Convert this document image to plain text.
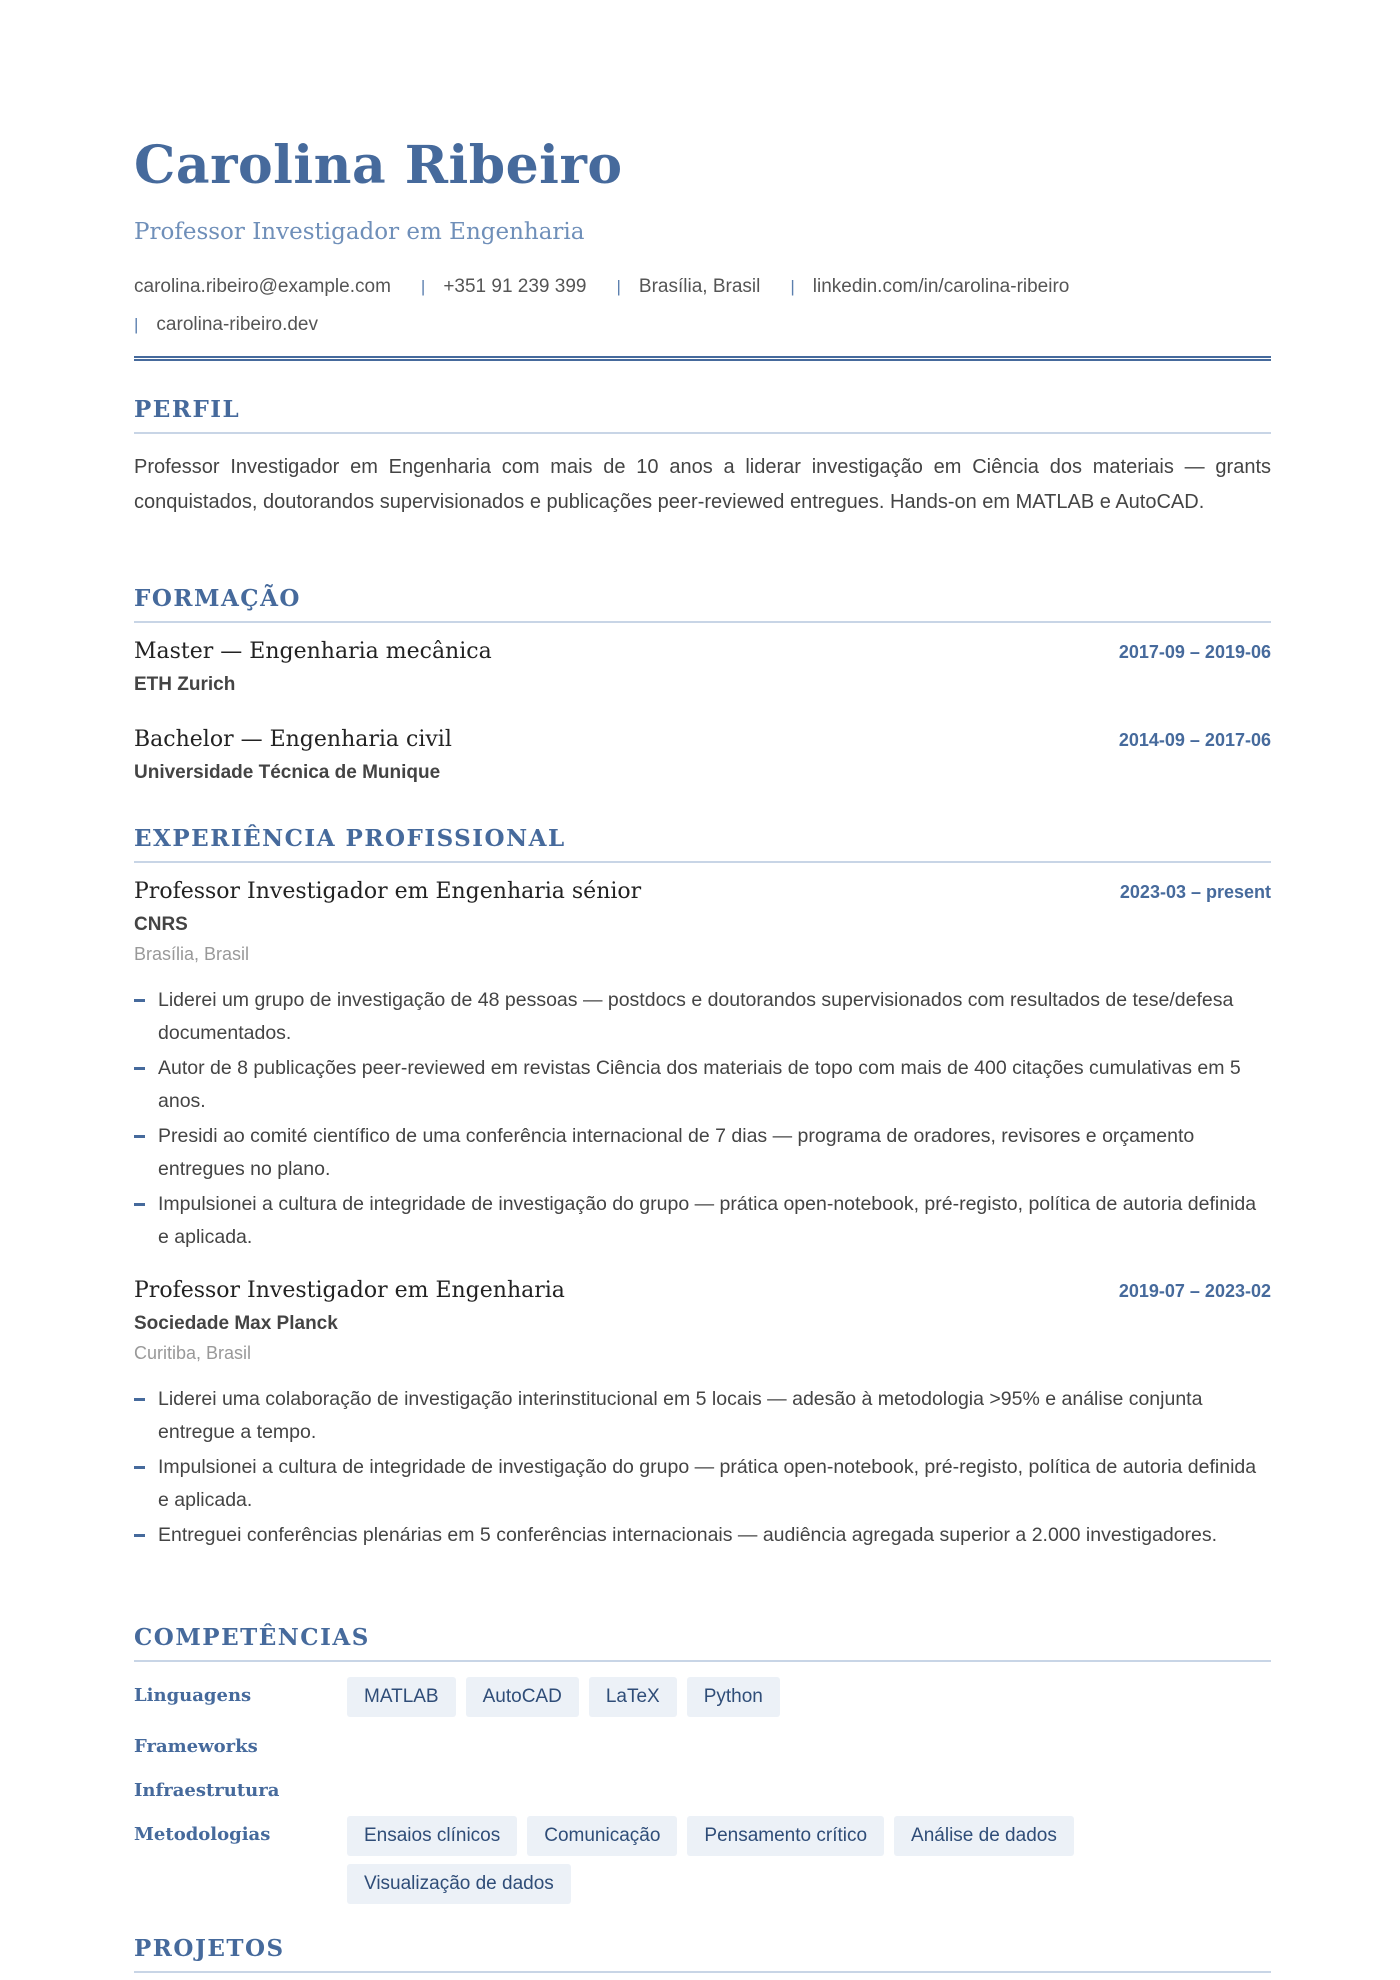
Carolina Ribeiro
Professor Investigador em Engenharia
carolina.ribeiro@example.com | +351 91 239 399 | Brasília, Brasil | linkedin.com/in/carolina-ribeiro
| carolina-ribeiro.dev
PERFIL
Professor Investigador em Engenharia com mais de 10 anos a liderar investigação em Ciência dos materiais — grants conquistados, doutorandos supervisionados e publicações peer-reviewed entregues. Hands-on em MATLAB e AutoCAD.
FORMAÇÃO
Master — Engenharia mecânica	2017-09 – 2019-06
ETH Zurich
Bachelor — Engenharia civil	2014-09 – 2017-06
Universidade Técnica de Munique
EXPERIÊNCIA PROFISSIONAL
Professor Investigador em Engenharia sénior	2023-03 – present
CNRS
Brasília, Brasil
Liderei um grupo de investigação de 48 pessoas — postdocs e doutorandos supervisionados com resultados de tese/defesa documentados.
Autor de 8 publicações peer-reviewed em revistas Ciência dos materiais de topo com mais de 400 citações cumulativas em 5 anos.
Presidi ao comité científico de uma conferência internacional de 7 dias — programa de oradores, revisores e orçamento entregues no plano.
Impulsionei a cultura de integridade de investigação do grupo — prática open-notebook, pré-registo, política de autoria definida e aplicada.
Professor Investigador em Engenharia	2019-07 – 2023-02
Sociedade Max Planck
Curitiba, Brasil
Liderei uma colaboração de investigação interinstitucional em 5 locais — adesão à metodologia >95% e análise conjunta entregue a tempo.
Impulsionei a cultura de integridade de investigação do grupo — prática open-notebook, pré-registo, política de autoria definida e aplicada.
Entreguei conferências plenárias em 5 conferências internacionais — audiência agregada superior a 2.000 investigadores.
COMPETÊNCIAS
Linguagens	MATLAB	AutoCAD	LaTeX	Python
Frameworks
Infraestrutura
Metodologias	Ensaios clínicos	Comunicação	Pensamento crítico	Análise de dados
Visualização de dados
PROJETOS
